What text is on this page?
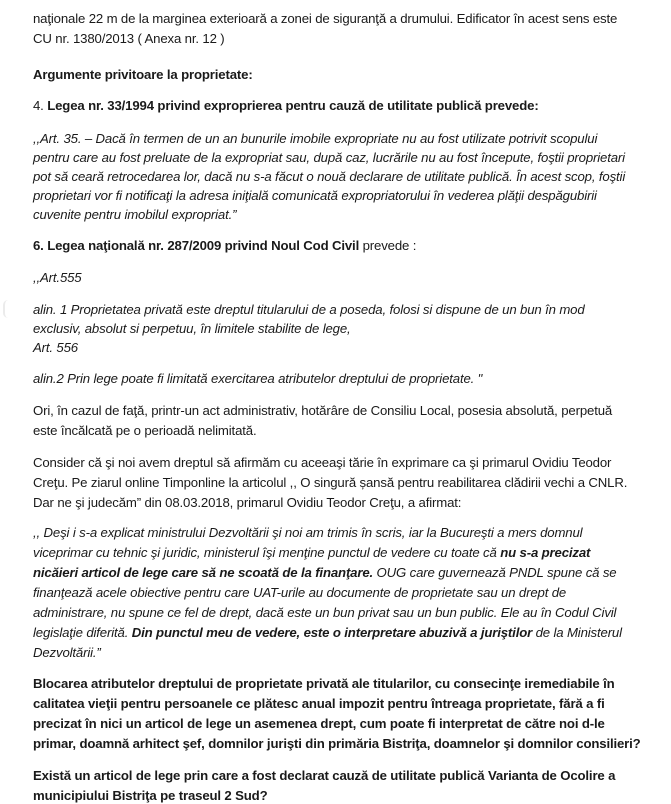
naţionale 22 m de la marginea exterioară a zonei de siguranţă a drumului. Edificator în acest sens este
CU nr. 1380/2013 ( Anexa nr. 12 )
Argumente privitoare la proprietate:
4. Legea nr. 33/1994 privind exproprierea pentru cauză de utilitate publică prevede:
,,Art. 35. – Dacă în termen de un an bunurile imobile expropriate nu au fost utilizate potrivit scopului
pentru care au fost preluate de la expropriat sau, după caz, lucrările nu au fost începute, foştii proprietari
pot să ceară retrocedarea lor, dacă nu s-a făcut o nouă declarare de utilitate publică. În acest scop, foştii
proprietari vor fi notificaţi la adresa iniţială comunicată expropriatorului în vederea plăţii despăgubirii
cuvenite pentru imobilul expropriat.”
6. Legea naţională nr. 287/2009 privind Noul Cod Civil prevede :
,,Art.555
alin. 1 Proprietatea privată este dreptul titularului de a poseda, folosi si dispune de un bun în mod
exclusiv, absolut si perpetuu, în limitele stabilite de lege,
Art. 556
alin.2 Prin lege poate fi limitată exercitarea atributelor dreptului de proprietate. "
Ori, în cazul de faţă, printr-un act administrativ, hotărâre de Consiliu Local, posesia absolută, perpetuă
este încălcată pe o perioadă nelimitată.
Consider că şi noi avem dreptul să afirmăm cu aceeaşi tărie în exprimare ca şi primarul Ovidiu Teodor
Creţu. Pe ziarul online Timponline la articolul ,, O singură șansă pentru reabilitarea clădirii vechi a CNLR.
Dar ne şi judecăm” din 08.03.2018, primarul Ovidiu Teodor Creţu, a afirmat:
,, Deşi i s-a explicat ministrului Dezvoltării şi noi am trimis în scris, iar la Bucureşti a mers domnul
viceprimar cu tehnic şi juridic, ministerul îşi menţine punctul de vedere cu toate că nu s-a precizat
nicăieri articol de lege care să ne scoată de la finanţare. OUG care guvernează PNDL spune că se
finanţează acele obiective pentru care UAT-urile au documente de proprietate sau un drept de
administrare, nu spune ce fel de drept, dacă este un bun privat sau un bun public. Ele au în Codul Civil
legislaţie diferită. Din punctul meu de vedere, este o interpretare abuzivă a juriştilor de la Ministerul
Dezvoltării.”
Blocarea atributelor dreptului de proprietate privată ale titularilor, cu consecinţe iremediabile în
calitatea vieţii pentru persoanele ce plătesc anual impozit pentru întreaga proprietate, fără a fi
precizat în nici un articol de lege un asemenea drept, cum poate fi interpretat de către noi d-le
primar, doamnă arhitect şef, domnilor jurişti din primăria Bistriţa, doamnelor şi domnilor consilieri?
Există un articol de lege prin care a fost declarat cauză de utilitate publică Varianta de Ocolire a
municipiului Bistriţa pe traseul 2 Sud?
